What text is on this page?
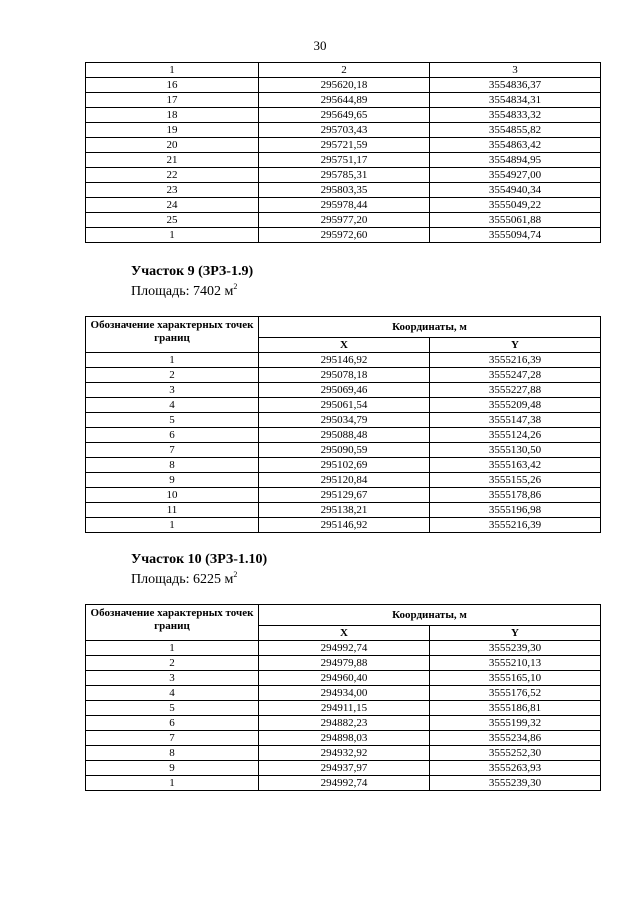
30
1	2	3
16	295620,18	3554836,37
17	295644,89	3554834,31
18	295649,65	3554833,32
19	295703,43	3554855,82
20	295721,59	3554863,42
21	295751,17	3554894,95
22	295785,31	3554927,00
23	295803,35	3554940,34
24	295978,44	3555049,22
25	295977,20	3555061,88
1	295972,60	3555094,74
Участок 9 (ЗРЗ-1.9)
Площадь: 7402 $м^2$
Обозначение характерных точек границ	Координаты, м	
	X	Y
1	295146,92	3555216,39
2	295078,18	3555247,28
3	295069,46	3555227,88
4	295061,54	3555209,48
5	295034,79	3555147,38
6	295088,48	3555124,26
7	295090,59	3555130,50
8	295102,69	3555163,42
9	295120,84	3555155,26
10	295129,67	3555178,86
11	295138,21	3555196,98
1	295146,92	3555216,39
Участок 10 (ЗРЗ-1.10)
Площадь: 6225 $м^2$
Обозначение характерных точек границ	Координаты, м	
	X	Y
1	294992,74	3555239,30
2	294979,88	3555210,13
3	294960,40	3555165,10
4	294934,00	3555176,52
5	294911,15	3555186,81
6	294882,23	3555199,32
7	294898,03	3555234,86
8	294932,92	3555252,30
9	294937,97	3555263,93
1	294992,74	3555239,30
